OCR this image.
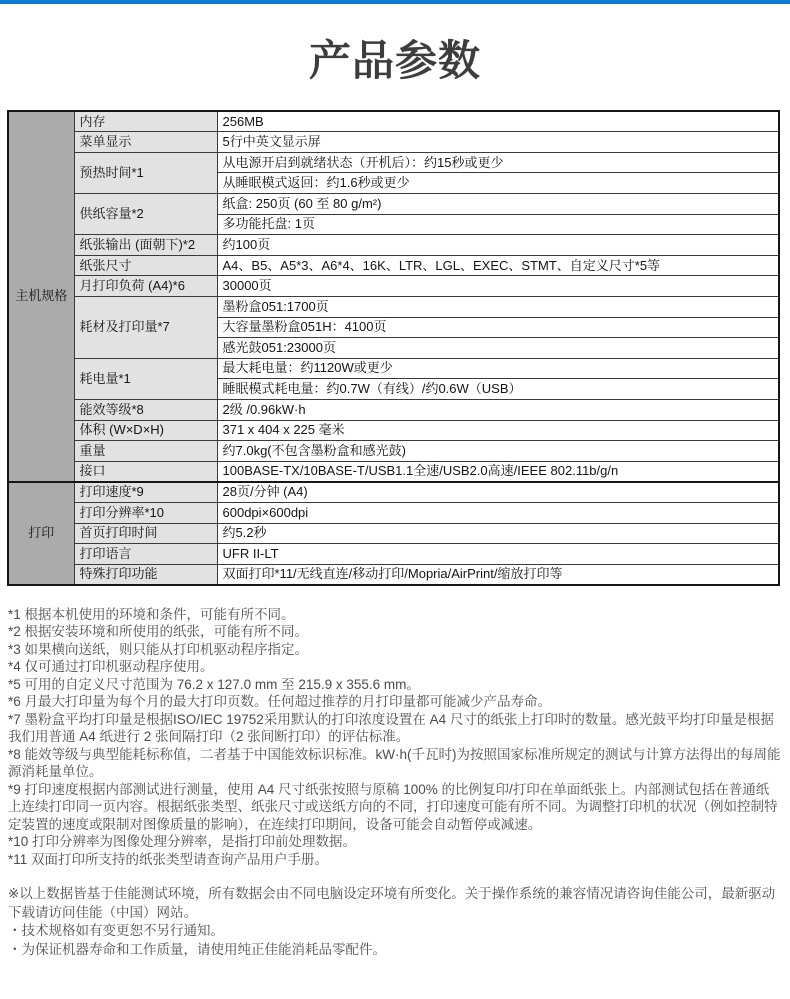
产品参数
主机规格	内存	256MB
	菜单显示	5行中英文显示屏
	预热时间*1	从电源开启到就绪状态（开机后）：约15秒或更少
		从睡眠模式返回：约1.6秒或更少
	供纸容量*2	纸盒: 250页 (60 至 80 g/m²)
		多功能托盘: 1页
	纸张输出 (面朝下)*2	约100页
	纸张尺寸	A4、B5、A5*3、A6*4、16K、LTR、LGL、EXEC、STMT、自定义尺寸*5等
	月打印负荷 (A4)*6	30000页
	耗材及打印量*7	墨粉盒051:1700页
		大容量墨粉盒051H：4100页
		感光鼓051:23000页
	耗电量*1	最大耗电量：约1120W或更少
		睡眠模式耗电量：约0.7W（有线）/约0.6W（USB）
	能效等级*8	2级 /0.96kW·h
	体积 (W×D×H)	371 x 404 x 225 毫米
	重量	约7.0kg(不包含墨粉盒和感光鼓)
	接口	100BASE-TX/10BASE-T/USB1.1全速/USB2.0高速/IEEE 802.11b/g/n
打印	打印速度*9	28页/分钟 (A4)
	打印分辨率*10	600dpi×600dpi
	首页打印时间	约5.2秒
	打印语言	UFR II-LT
	特殊打印功能	双面打印*11/无线直连/移动打印/Mopria/AirPrint/缩放打印等

*1 根据本机使用的环境和条件，可能有所不同。

*2 根据安装环境和所使用的纸张，可能有所不同。

*3 如果横向送纸，则只能从打印机驱动程序指定。

*4 仅可通过打印机驱动程序使用。

*5 可用的自定义尺寸范围为 76.2 x 127.0 mm 至 215.9 x 355.6 mm。

*6 月最大打印量为每个月的最大打印页数。任何超过推荐的月打印量都可能减少产品寿命。

*7 墨粉盒平均打印量是根据ISO/IEC 19752采用默认的打印浓度设置在 A4 尺寸的纸张上打印时的数量。感光鼓平均打印量是根据我们用普通 A4 纸进行 2 张间隔打印（2 张间断打印）的评估标准。

*8 能效等级与典型能耗标称值，二者基于中国能效标识标准。kW·h(千瓦时)为按照国家标准所规定的测试与计算方法得出的每周能源消耗量单位。

*9 打印速度根据内部测试进行测量，使用 A4 尺寸纸张按照与原稿 100% 的比例复印/打印在单面纸张上。内部测试包括在普通纸上连续打印同一页内容。根据纸张类型、纸张尺寸或送纸方向的不同，打印速度可能有所不同。为调整打印机的状况（例如控制特定装置的速度或限制对图像质量的影响），在连续打印期间，设备可能会自动暂停或减速。

*10 打印分辨率为图像处理分辨率，是指打印前处理数据。

*11 双面打印所支持的纸张类型请查询产品用户手册。

※以上数据皆基于佳能测试环境，所有数据会由不同电脑设定环境有所变化。关于操作系统的兼容情况请咨询佳能公司，最新驱动下载请访问佳能（中国）网站。

・技术规格如有变更恕不另行通知。

・为保证机器寿命和工作质量，请使用纯正佳能消耗品零配件。
